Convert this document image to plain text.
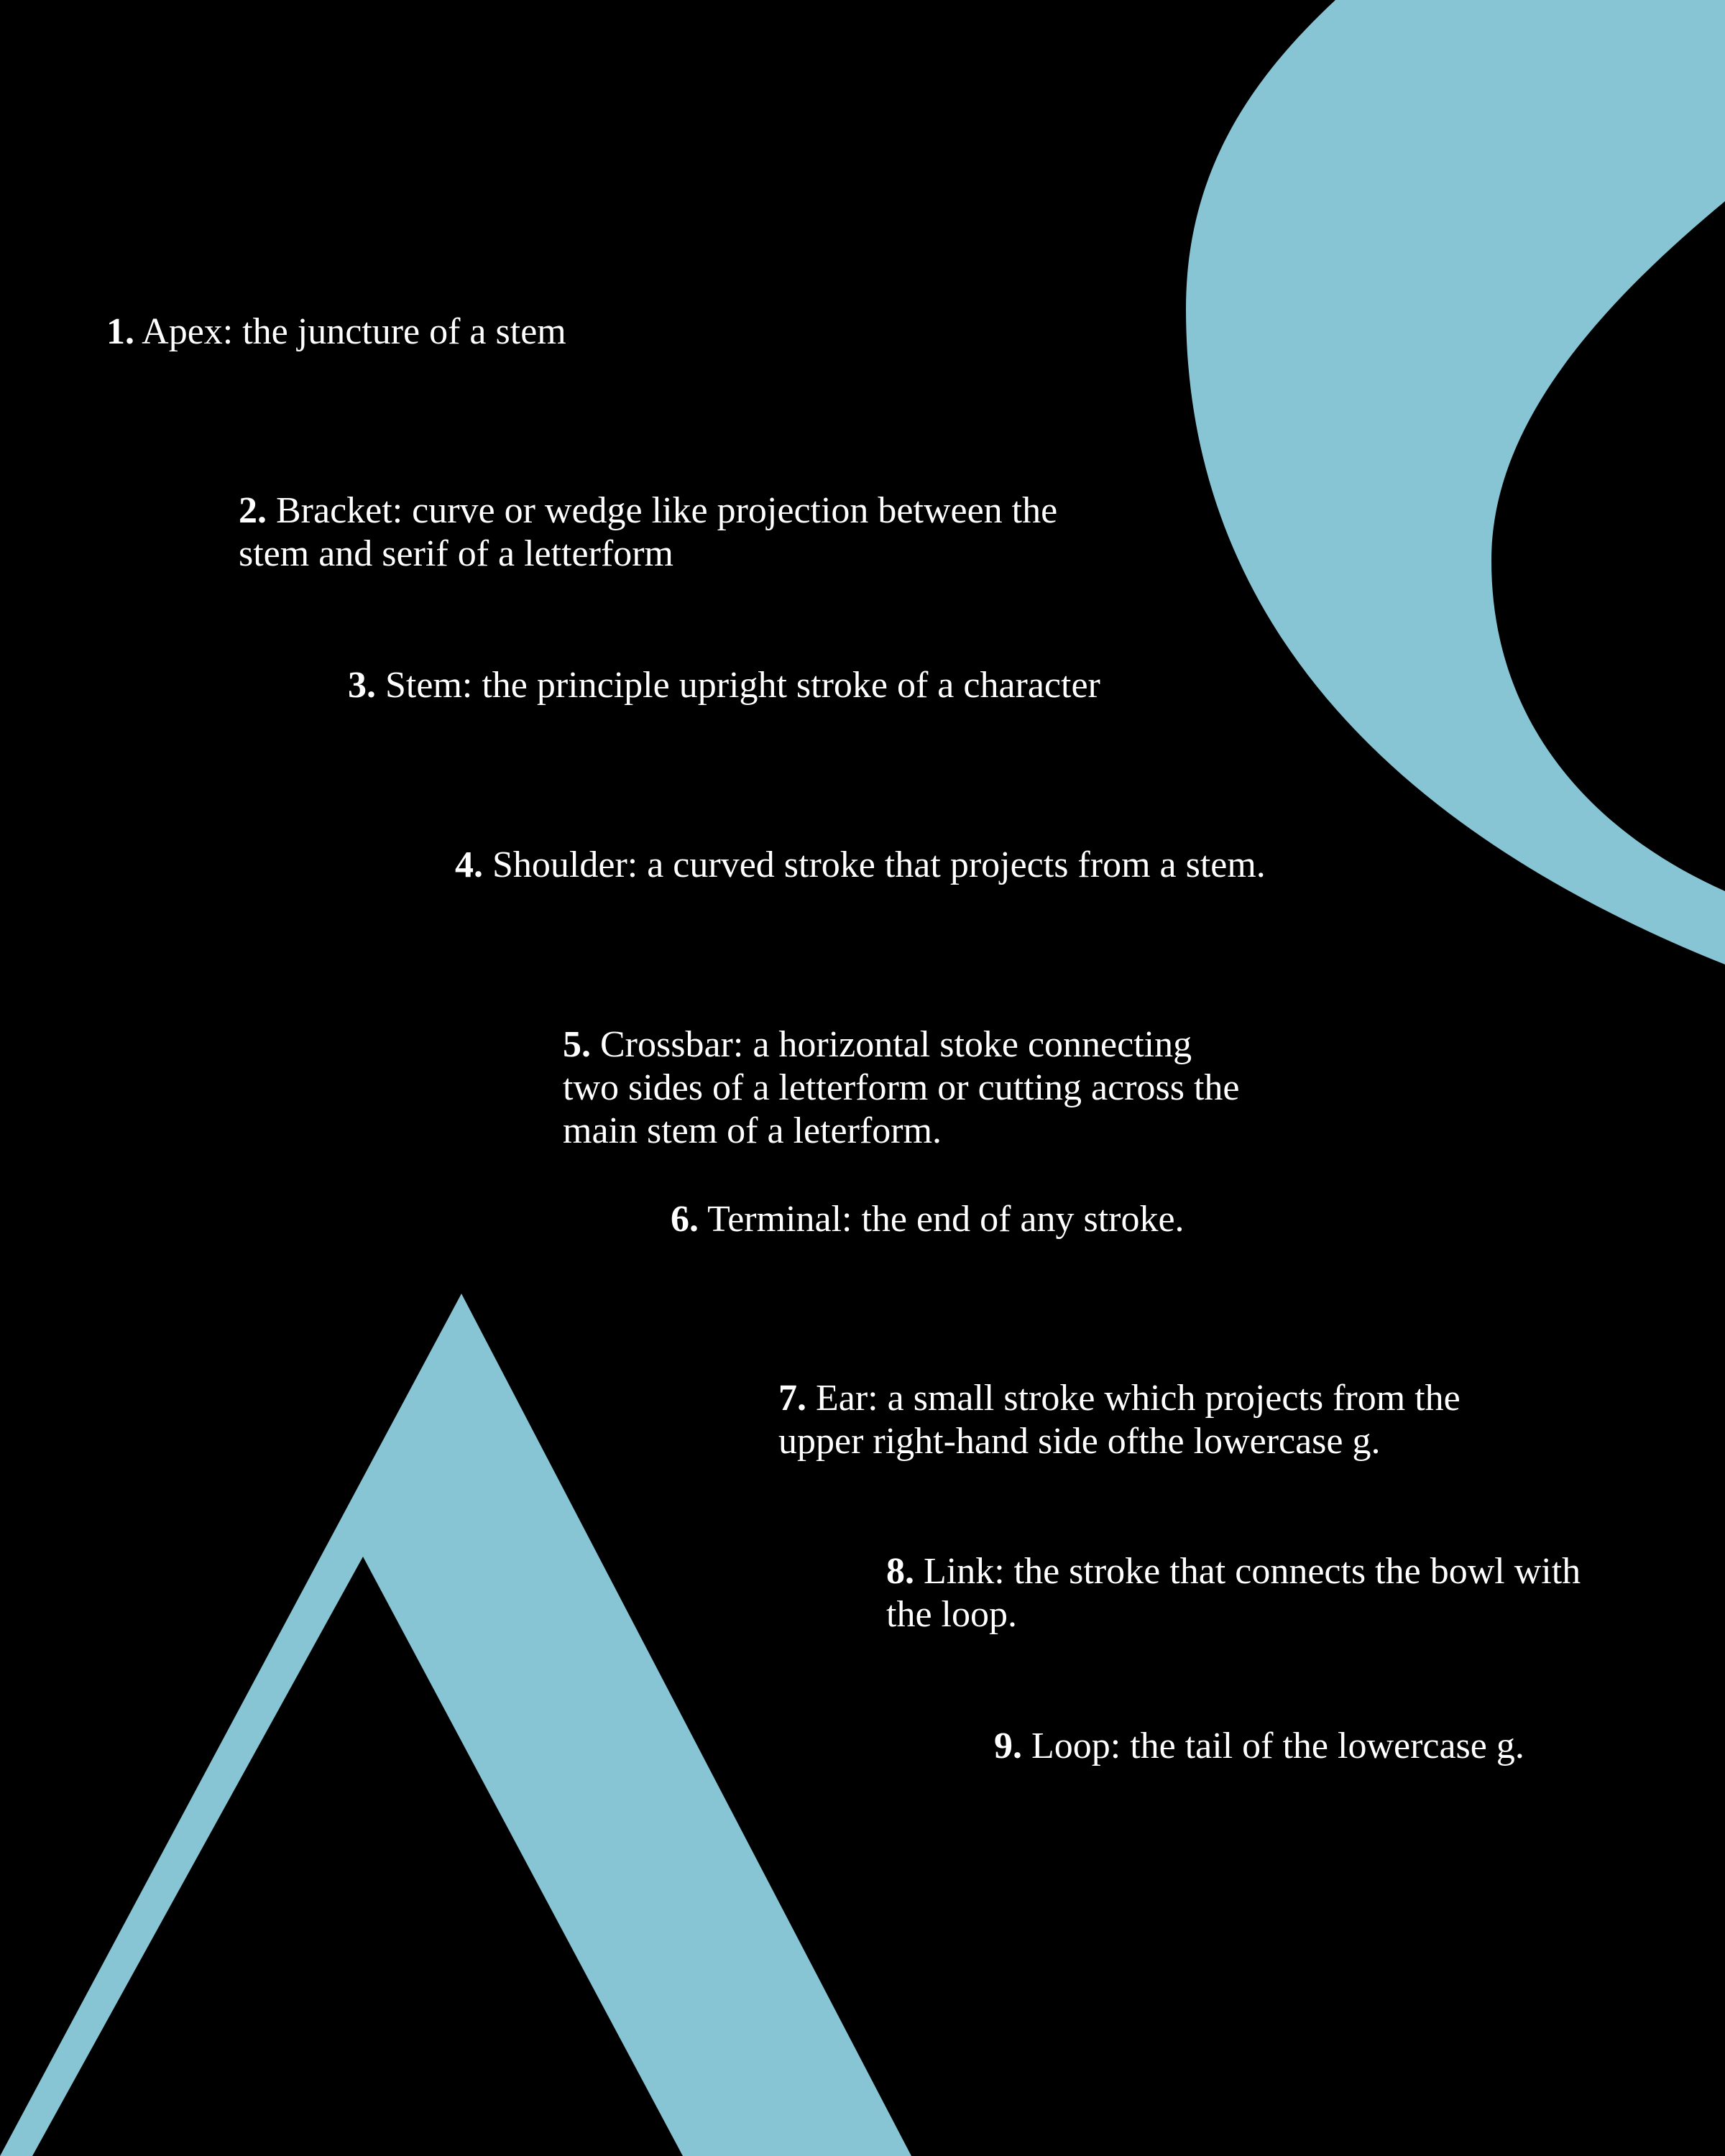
1. Apex: the juncture of a stem
2. Bracket: curve or wedge like projection between the
stem and serif of a letterform
3. Stem: the principle upright stroke of a character
4. Shoulder: a curved stroke that projects from a stem.
5. Crossbar: a horizontal stoke connecting
two sides of a letterform or cutting across the
main stem of a leterform.
6. Terminal: the end of any stroke.
7. Ear: a small stroke which projects from the
upper right-hand side ofthe lowercase g.
8. Link: the stroke that connects the bowl with
the loop.
9. Loop: the tail of the lowercase g.
